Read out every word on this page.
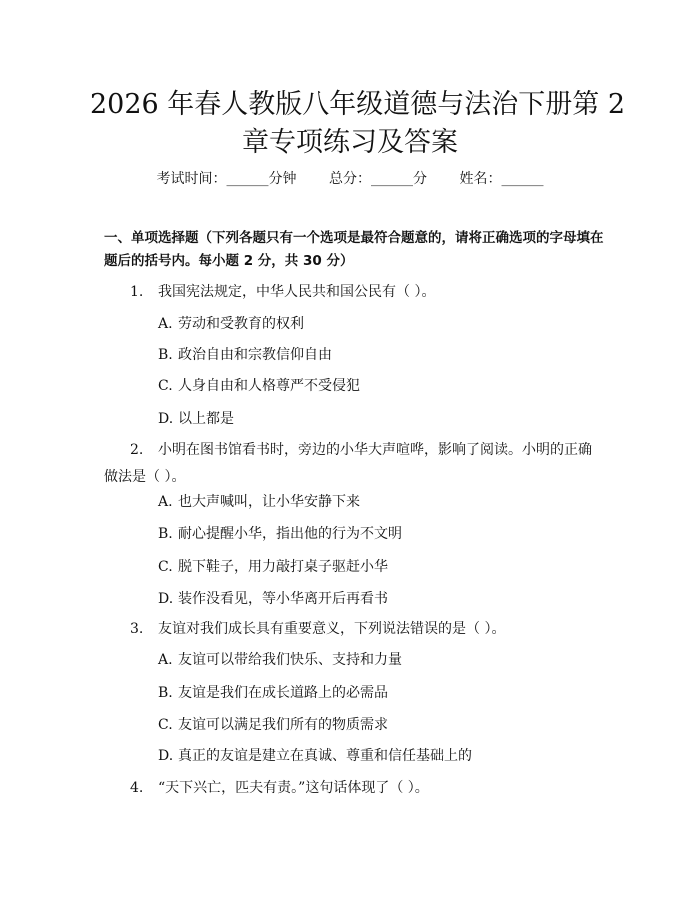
2026 年春人教版八年级道德与法治下册第 2
章专项练习及答案
考试时间：______分钟 总分：______分 姓名：______

一、单项选择题（下列各题只有一个选项是最符合题意的，请将正确选项的字母填在题后的括号内。每小题 2 分，共 30 分）

1. 我国宪法规定，中华人民共和国公民有（ ）。

A. 劳动和受教育的权利
B. 政治自由和宗教信仰自由
C. 人身自由和人格尊严不受侵犯
D. 以上都是

2. 小明在图书馆看书时，旁边的小华大声喧哗，影响了阅读。小明的正确做法是（ ）。

A. 也大声喊叫，让小华安静下来
B. 耐心提醒小华，指出他的行为不文明
C. 脱下鞋子，用力敲打桌子驱赶小华
D. 装作没看见，等小华离开后再看书

3. 友谊对我们成长具有重要意义，下列说法错误的是（ ）。

A. 友谊可以带给我们快乐、支持和力量
B. 友谊是我们在成长道路上的必需品
C. 友谊可以满足我们所有的物质需求
D. 真正的友谊是建立在真诚、尊重和信任基础上的

4. “天下兴亡，匹夫有责。”这句话体现了（ ）。
